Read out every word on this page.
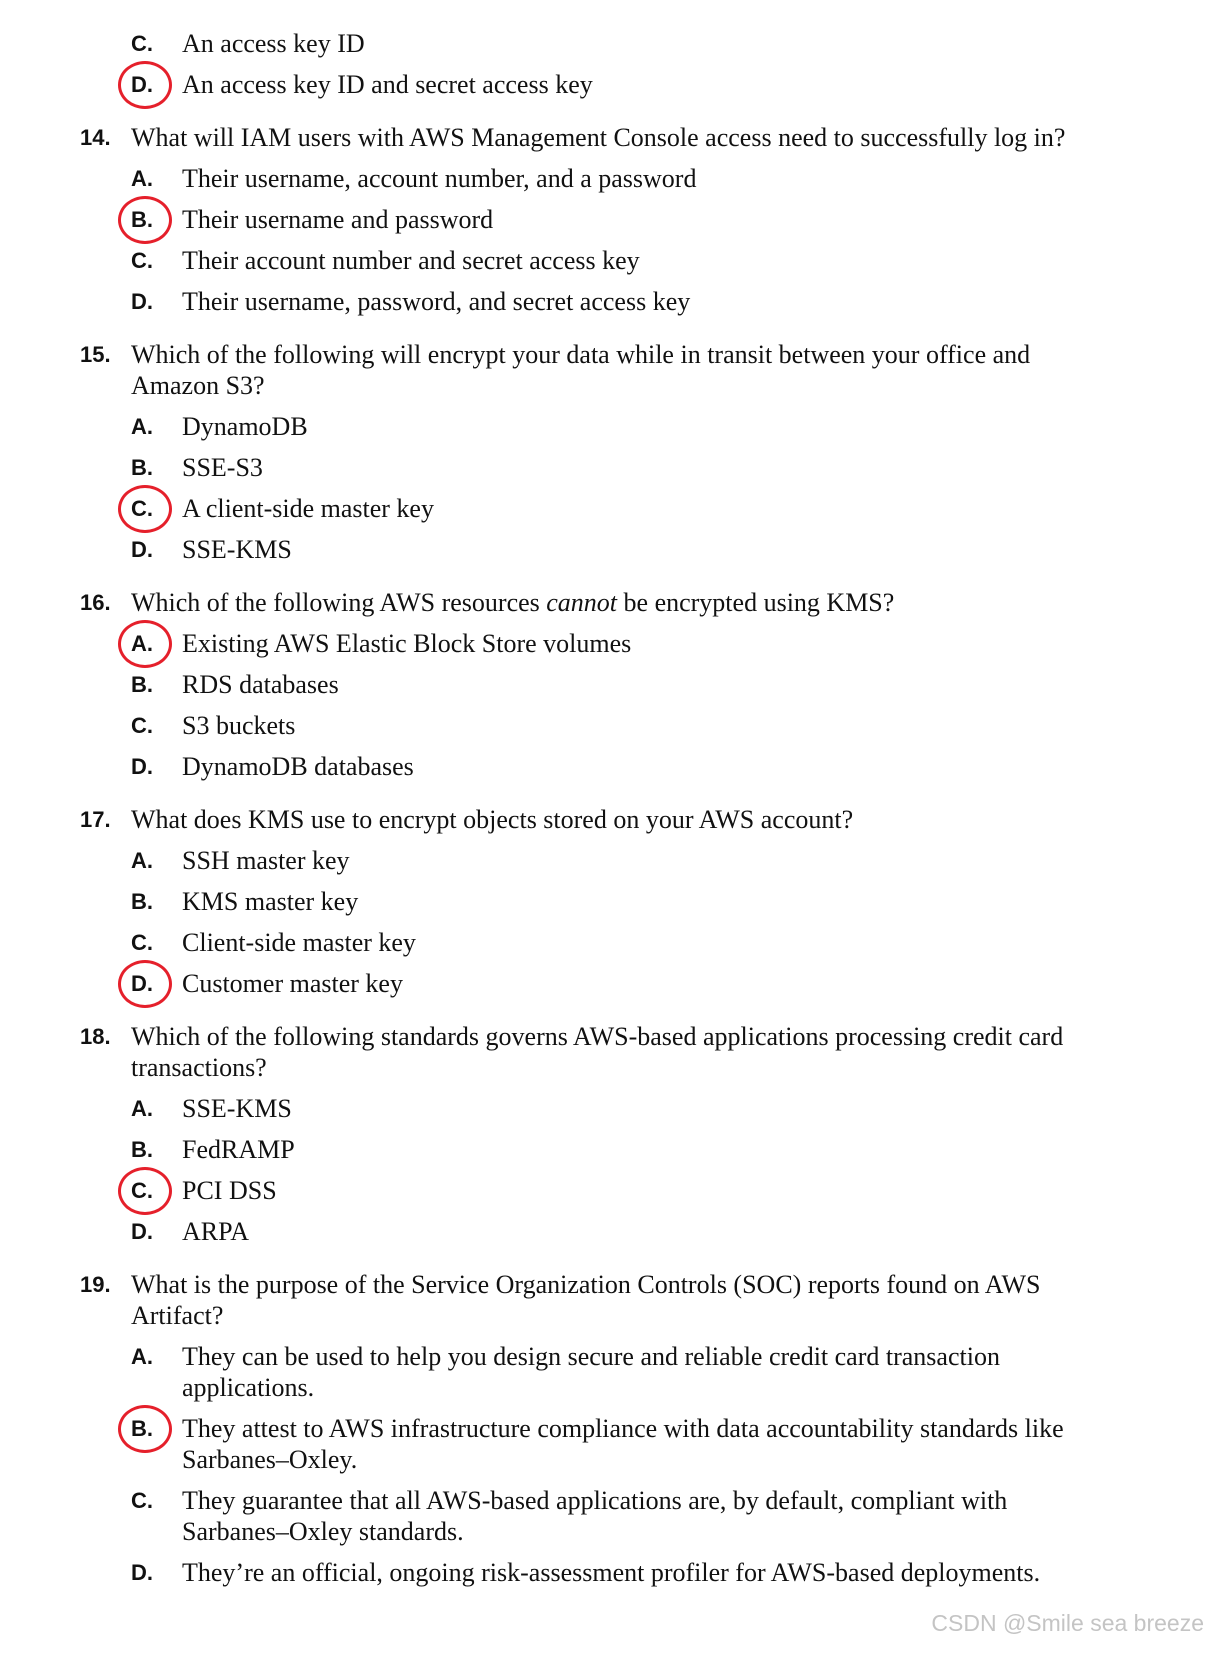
C. An access key ID
D. An access key ID and secret access key
14. What will IAM users with AWS Management Console access need to successfully log in?
A. Their username, account number, and a password
B. Their username and password
C. Their account number and secret access key
D. Their username, password, and secret access key
15. Which of the following will encrypt your data while in transit between your office and
Amazon S3?
A. DynamoDB
B. SSE-S3
C. A client-side master key
D. SSE-KMS
16. Which of the following AWS resources cannot be encrypted using KMS?
A. Existing AWS Elastic Block Store volumes
B. RDS databases
C. S3 buckets
D. DynamoDB databases
17. What does KMS use to encrypt objects stored on your AWS account?
A. SSH master key
B. KMS master key
C. Client-side master key
D. Customer master key
18. Which of the following standards governs AWS-based applications processing credit card
transactions?
A. SSE-KMS
B. FedRAMP
C. PCI DSS
D. ARPA
19. What is the purpose of the Service Organization Controls (SOC) reports found on AWS
Artifact?
A. They can be used to help you design secure and reliable credit card transaction
applications.
B. They attest to AWS infrastructure compliance with data accountability standards like
Sarbanes–Oxley.
C. They guarantee that all AWS-based applications are, by default, compliant with
Sarbanes–Oxley standards.
D. They’re an official, ongoing risk-assessment profiler for AWS-based deployments.
CSDN @Smile sea breeze
